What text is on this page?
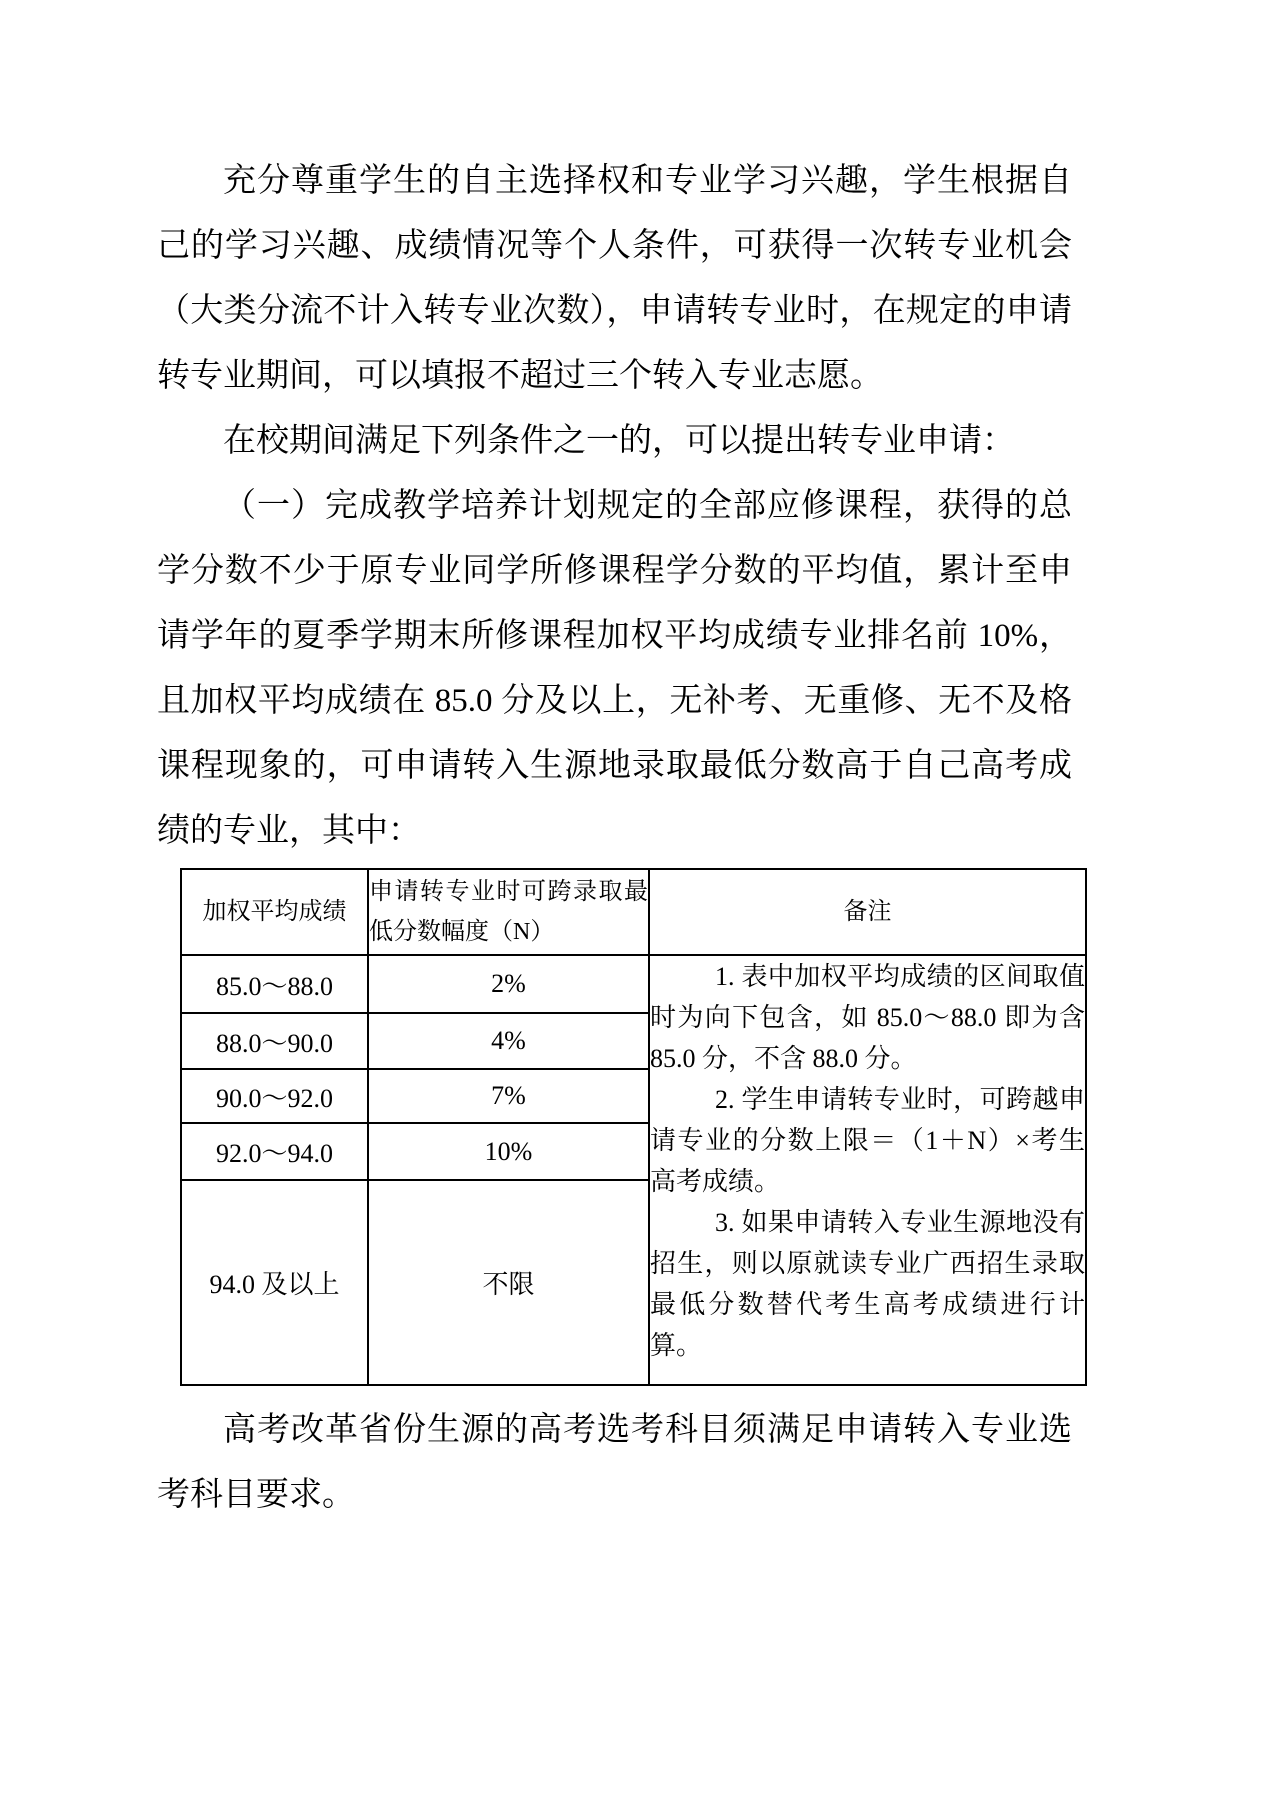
充分尊重学生的自主选择权和专业学习兴趣，学生根据自己的学习兴趣、成绩情况等个人条件，可获得一次转专业机会（大类分流不计入转专业次数），申请转专业时，在规定的申请转专业期间，可以填报不超过三个转入专业志愿。

在校期间满足下列条件之一的，可以提出转专业申请：

（一）完成教学培养计划规定的全部应修课程，获得的总学分数不少于原专业同学所修课程学分数的平均值，累计至申请学年的夏季学期末所修课程加权平均成绩专业排名前 10%，且加权平均成绩在 85.0 分及以上，无补考、无重修、无不及格课程现象的，可申请转入生源地录取最低分数高于自己高考成绩的专业，其中：

加权平均成绩	申请转专业时可跨录取最低分数幅度（N）	备注
85.0～88.0	2%	1. 表中加权平均成绩的区间取值时为向下包含，如 85.0～88.0 即为含 85.0 分，不含 88.0 分。

2. 学生申请转专业时，可跨越申请专业的分数上限＝（1＋N）×考生高考成绩。

3. 如果申请转入专业生源地没有招生，则以原就读专业广西招生录取最低分数替代考生高考成绩进行计算。

88.0～90.0	4%	
90.0～92.0	7%	
92.0～94.0	10%	
94.0 及以上	不限	

高考改革省份生源的高考选考科目须满足申请转入专业选考科目要求。
